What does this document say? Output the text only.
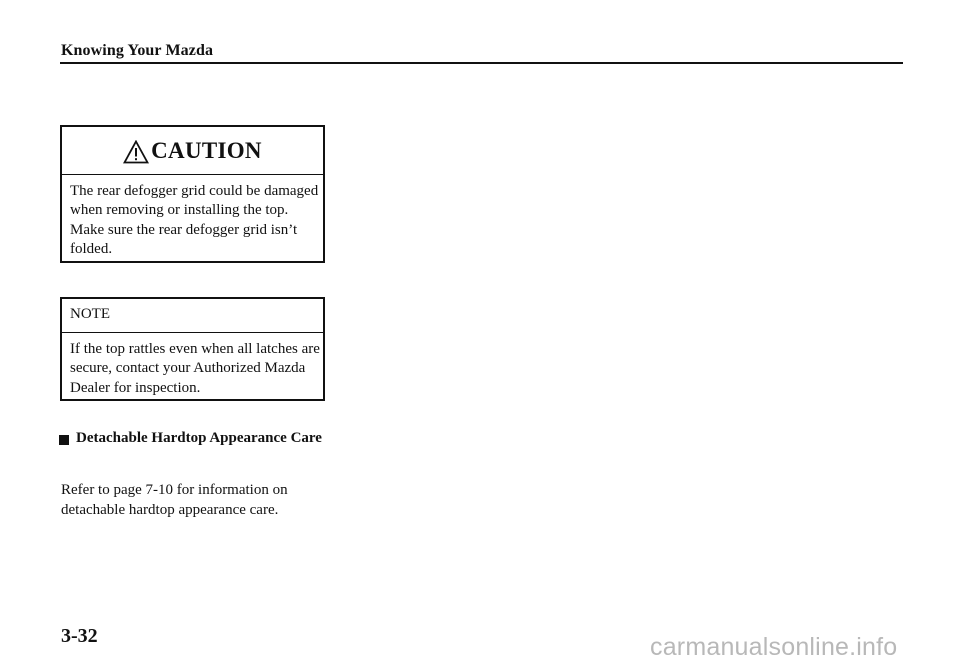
Knowing Your Mazda
CAUTION
The rear defogger grid could be damaged when removing or installing the top. Make sure the rear defogger grid isn’t folded.
NOTE
If the top rattles even when all latches are secure, contact your Authorized Mazda Dealer for inspection.
Detachable Hardtop Appearance Care
Refer to page 7-10 for information on detachable hardtop appearance care.
3-32	carmanualsonline.info
